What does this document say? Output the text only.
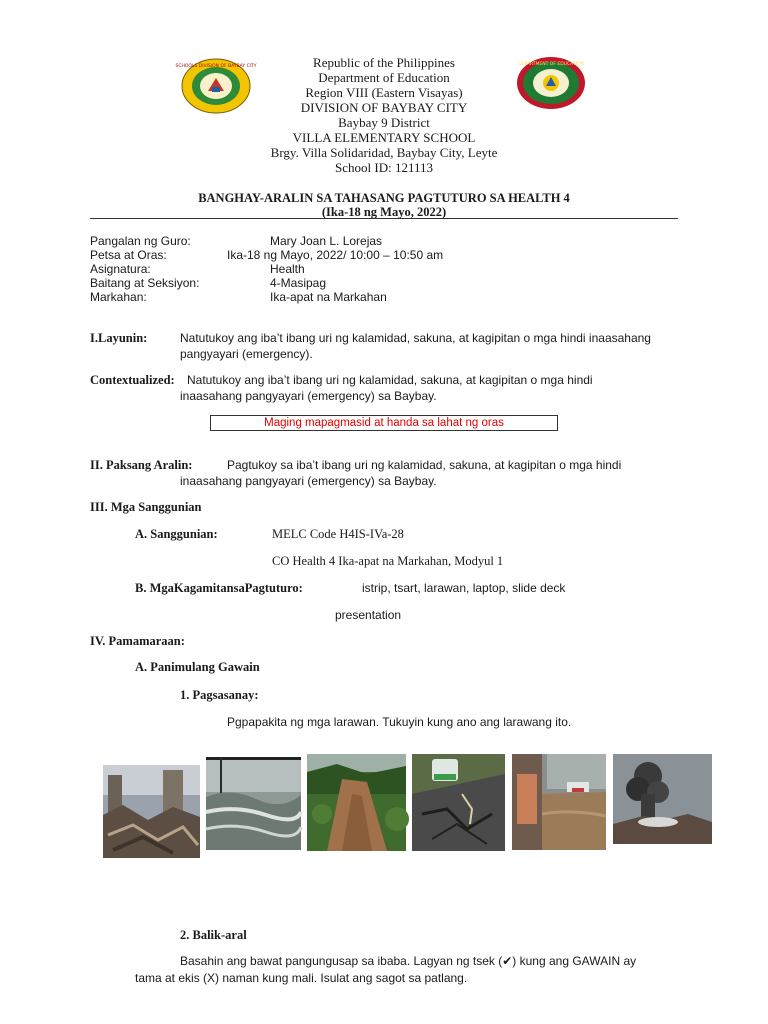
SCHOOLS DIVISION OF BAYBAY CITY	DEPARTMENT OF EDUCATION
Republic of the Philippines
Department of Education
Region VIII (Eastern Visayas)
DIVISION OF BAYBAY CITY
Baybay 9 District
VILLA ELEMENTARY SCHOOL
Brgy. Villa Solidaridad, Baybay City, Leyte
School ID: 121113
BANGHAY-ARALIN SA TAHASANG PAGTUTURO SA HEALTH 4
(Ika-18 ng Mayo, 2022)
Pangalan ng Guro:	Mary Joan L. Lorejas
Petsa at Oras:	Ika-18 ng Mayo, 2022/ 10:00 – 10:50 am
Asignatura:	Health
Baitang at Seksiyon:	4-Masipag
Markahan:	Ika-apat na Markahan
I.Layunin:	Natutukoy ang iba’t ibang uri ng kalamidad, sakuna, at kagipitan o mga hindi inaasahang
pangyayari (emergency).
Contextualized: Natutukoy ang iba’t ibang uri ng kalamidad, sakuna, at kagipitan o mga hindi
inaasahang pangyayari (emergency) sa Baybay.
Maging mapagmasid at handa sa lahat ng oras
II. Paksang Aralin:	Pagtukoy sa iba’t ibang uri ng kalamidad, sakuna, at kagipitan o mga hindi
inaasahang pangyayari (emergency) sa Baybay.
III. Mga Sanggunian
A. Sanggunian:	MELC Code H4IS-IVa-28
CO Health 4 Ika-apat na Markahan, Modyul 1
B. MgaKagamitansaPagtuturo:	istrip, tsart, larawan, laptop, slide deck
presentation
IV. Pamamaraan:
A. Panimulang Gawain
1. Pagsasanay:
Pgpapakita ng mga larawan. Tukuyin kung ano ang larawang ito.
2. Balik-aral
Basahin ang bawat pangungusap sa ibaba. Lagyan ng tsek (✔) kung ang GAWAIN ay
tama at ekis (X) naman kung mali. Isulat ang sagot sa patlang.
